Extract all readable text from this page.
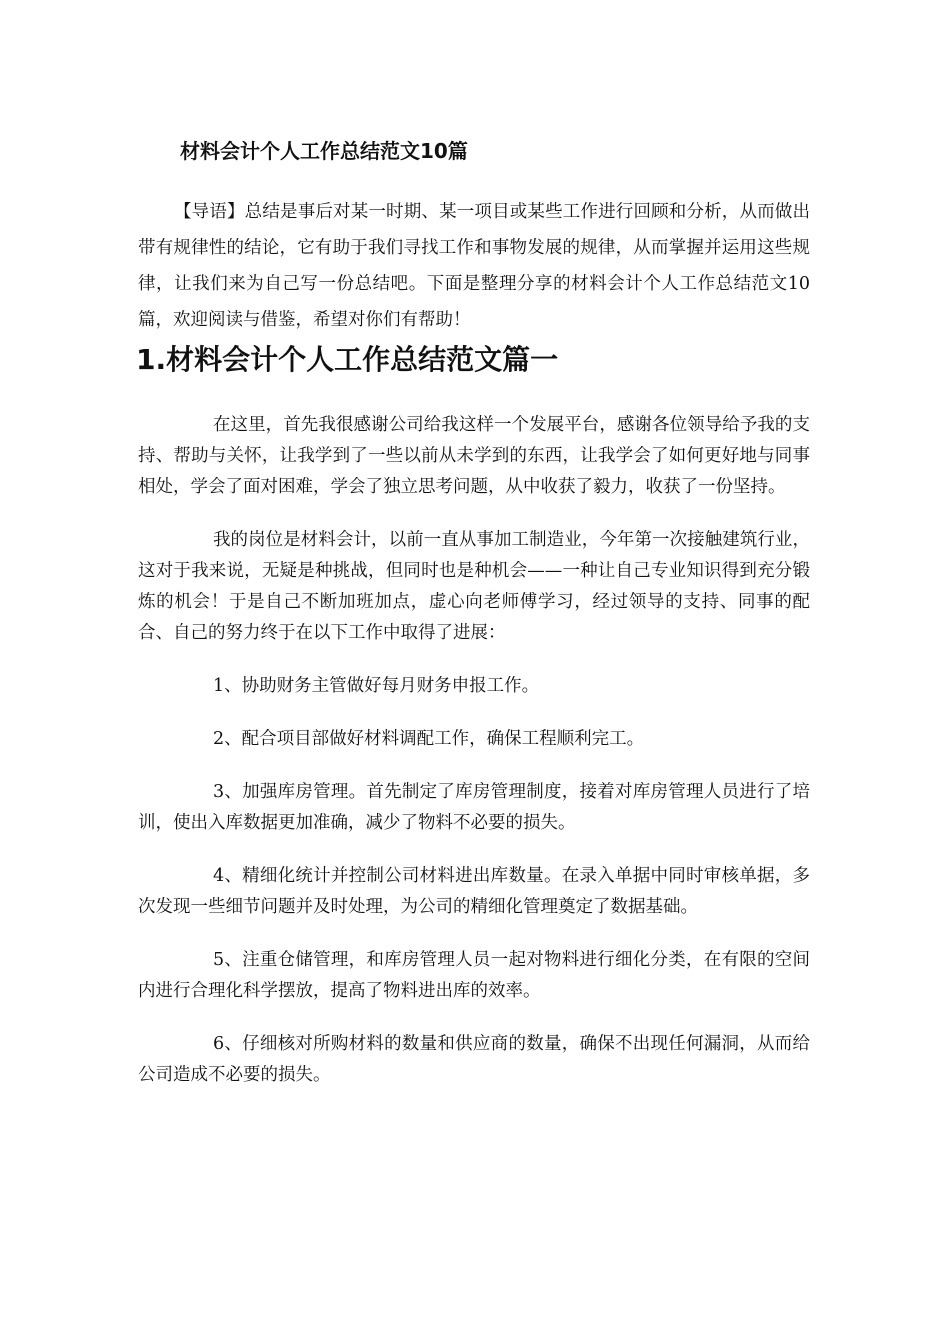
材料会计个人工作总结范文10篇

【导语】总结是事后对某一时期、某一项目或某些工作进行回顾和分析，从而做出带有规律性的结论，它有助于我们寻找工作和事物发展的规律，从而掌握并运用这些规律，让我们来为自己写一份总结吧。下面是整理分享的材料会计个人工作总结范文10篇，欢迎阅读与借鉴，希望对你们有帮助！

1.材料会计个人工作总结范文篇一

在这里，首先我很感谢公司给我这样一个发展平台，感谢各位领导给予我的支持、帮助与关怀，让我学到了一些以前从未学到的东西，让我学会了如何更好地与同事相处，学会了面对困难，学会了独立思考问题，从中收获了毅力，收获了一份坚持。

我的岗位是材料会计，以前一直从事加工制造业，今年第一次接触建筑行业，这对于我来说，无疑是种挑战，但同时也是种机会——一种让自己专业知识得到充分锻炼的机会！于是自己不断加班加点，虚心向老师傅学习，经过领导的支持、同事的配合、自己的努力终于在以下工作中取得了进展：

1、协助财务主管做好每月财务申报工作。

2、配合项目部做好材料调配工作，确保工程顺利完工。

3、加强库房管理。首先制定了库房管理制度，接着对库房管理人员进行了培训，使出入库数据更加准确，减少了物料不必要的损失。

4、精细化统计并控制公司材料进出库数量。在录入单据中同时审核单据，多次发现一些细节问题并及时处理，为公司的精细化管理奠定了数据基础。

5、注重仓储管理，和库房管理人员一起对物料进行细化分类，在有限的空间内进行合理化科学摆放，提高了物料进出库的效率。

6、仔细核对所购材料的数量和供应商的数量，确保不出现任何漏洞，从而给公司造成不必要的损失。
